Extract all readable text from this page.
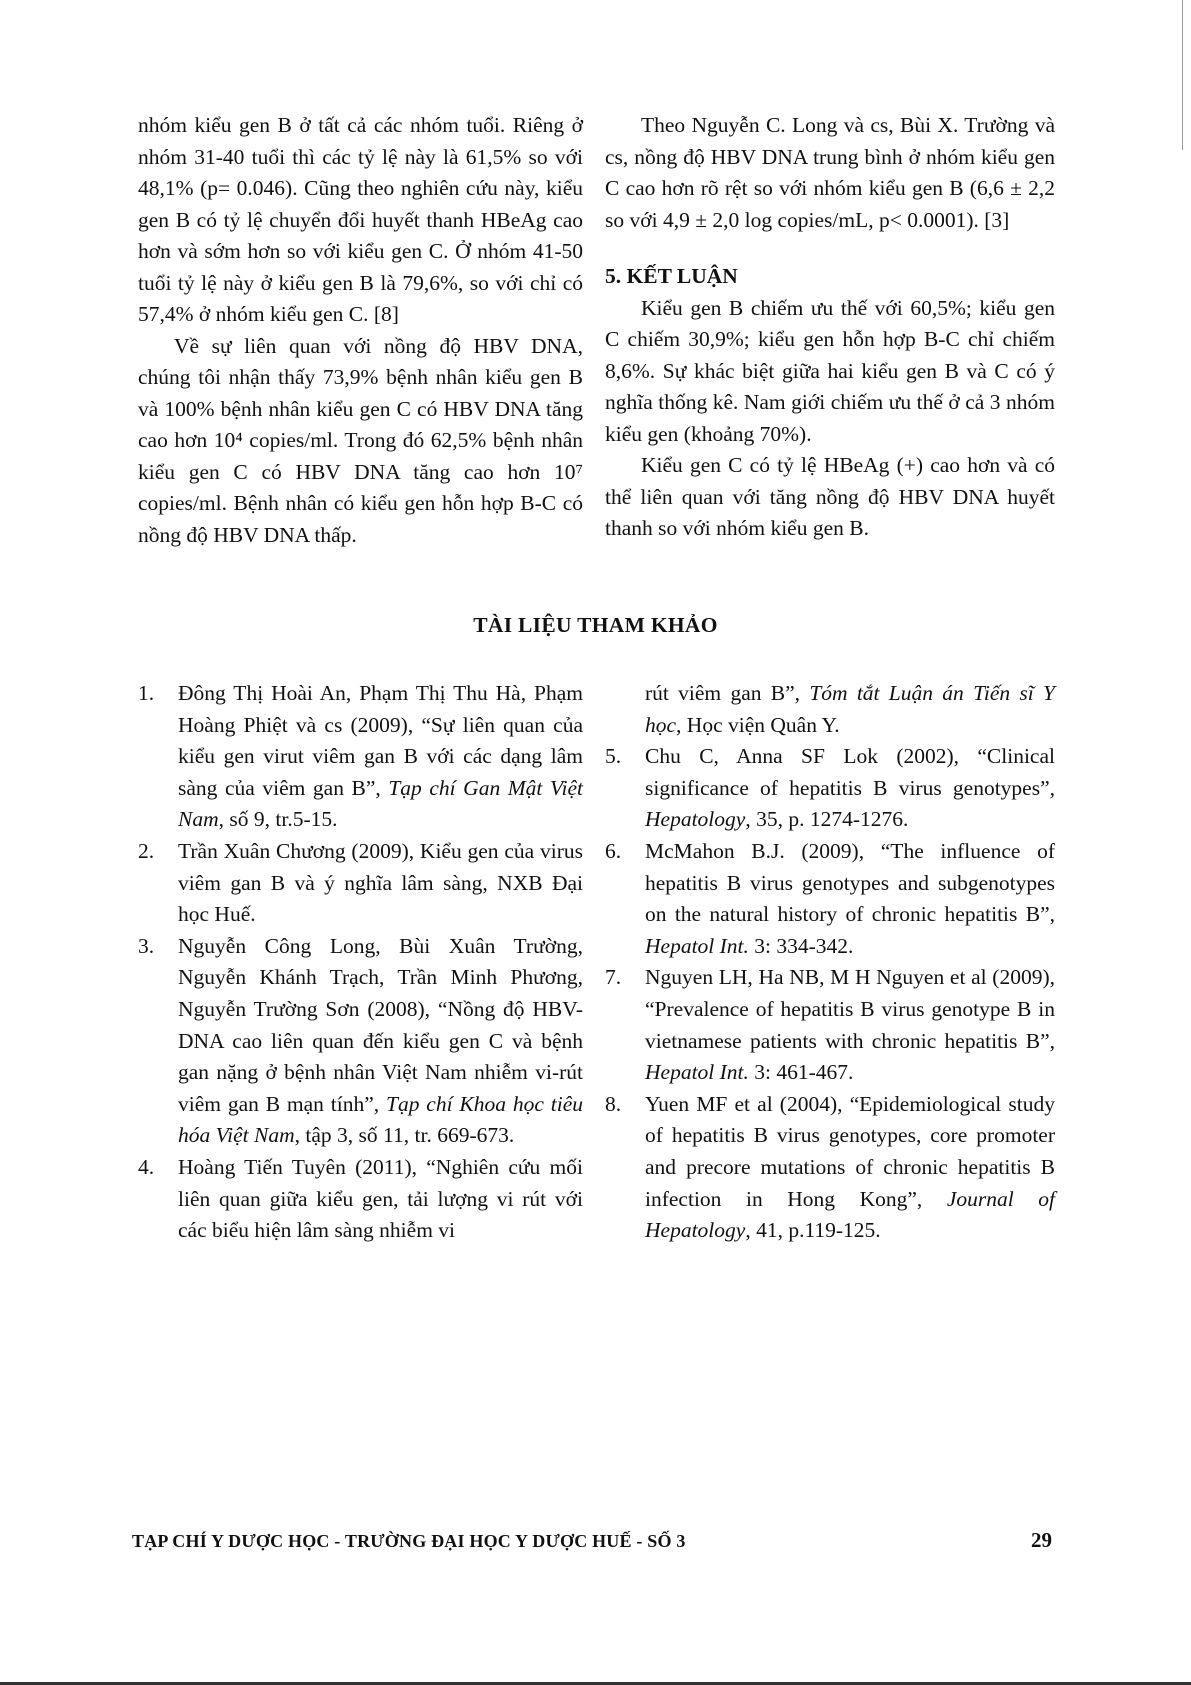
nhóm kiểu gen B ở tất cả các nhóm tuổi. Riêng ở nhóm 31-40 tuổi thì các tỷ lệ này là 61,5% so với 48,1% (p= 0.046). Cũng theo nghiên cứu này, kiểu gen B có tỷ lệ chuyển đổi huyết thanh HBeAg cao hơn và sớm hơn so với kiểu gen C. Ở nhóm 41-50 tuổi tỷ lệ này ở kiểu gen B là 79,6%, so với chỉ có 57,4% ở nhóm kiểu gen C. [8]

Về sự liên quan với nồng độ HBV DNA, chúng tôi nhận thấy 73,9% bệnh nhân kiểu gen B và 100% bệnh nhân kiểu gen C có HBV DNA tăng cao hơn 10⁴ copies/ml. Trong đó 62,5% bệnh nhân kiểu gen C có HBV DNA tăng cao hơn 10⁷ copies/ml. Bệnh nhân có kiểu gen hỗn hợp B-C có nồng độ HBV DNA thấp.

Theo Nguyễn C. Long và cs, Bùi X. Trường và cs, nồng độ HBV DNA trung bình ở nhóm kiểu gen C cao hơn rõ rệt so với nhóm kiểu gen B (6,6 ± 2,2 so với 4,9 ± 2,0 log copies/mL, p< 0.0001). [3]

5. KẾT LUẬN

Kiểu gen B chiếm ưu thế với 60,5%; kiểu gen C chiếm 30,9%; kiểu gen hỗn hợp B-C chỉ chiếm 8,6%. Sự khác biệt giữa hai kiểu gen B và C có ý nghĩa thống kê. Nam giới chiếm ưu thế ở cả 3 nhóm kiểu gen (khoảng 70%).

Kiểu gen C có tỷ lệ HBeAg (+) cao hơn và có thể liên quan với tăng nồng độ HBV DNA huyết thanh so với nhóm kiểu gen B.

TÀI LIỆU THAM KHẢO
1. Đông Thị Hoài An, Phạm Thị Thu Hà, Phạm Hoàng Phiệt và cs (2009), “Sự liên quan của kiểu gen virut viêm gan B với các dạng lâm sàng của viêm gan B”, Tạp chí Gan Mật Việt Nam, số 9, tr.5-15.
2. Trần Xuân Chương (2009), Kiểu gen của virus viêm gan B và ý nghĩa lâm sàng, NXB Đại học Huế.
3. Nguyễn Công Long, Bùi Xuân Trường, Nguyễn Khánh Trạch, Trần Minh Phương, Nguyễn Trường Sơn (2008), “Nồng độ HBV-DNA cao liên quan đến kiểu gen C và bệnh gan nặng ở bệnh nhân Việt Nam nhiễm vi-rút viêm gan B mạn tính”, Tạp chí Khoa học tiêu hóa Việt Nam, tập 3, số 11, tr. 669-673.
4. Hoàng Tiến Tuyên (2011), “Nghiên cứu mối liên quan giữa kiểu gen, tải lượng vi rút với các biểu hiện lâm sàng nhiễm vi
rút viêm gan B”, Tóm tắt Luận án Tiến sĩ Y học, Học viện Quân Y.
5. Chu C, Anna SF Lok (2002), “Clinical significance of hepatitis B virus genotypes”, Hepatology, 35, p. 1274-1276.
6. McMahon B.J. (2009), “The influence of hepatitis B virus genotypes and subgenotypes on the natural history of chronic hepatitis B”, Hepatol Int. 3: 334-342.
7. Nguyen LH, Ha NB, M H Nguyen et al (2009), “Prevalence of hepatitis B virus genotype B in vietnamese patients with chronic hepatitis B”, Hepatol Int. 3: 461-467.
8. Yuen MF et al (2004), “Epidemiological study of hepatitis B virus genotypes, core promoter and precore mutations of chronic hepatitis B infection in Hong Kong”, Journal of Hepatology, 41, p.119-125.
TẠP CHÍ Y DƯỢC HỌC - TRƯỜNG ĐẠI HỌC Y DƯỢC HUẾ - SỐ 3	29
